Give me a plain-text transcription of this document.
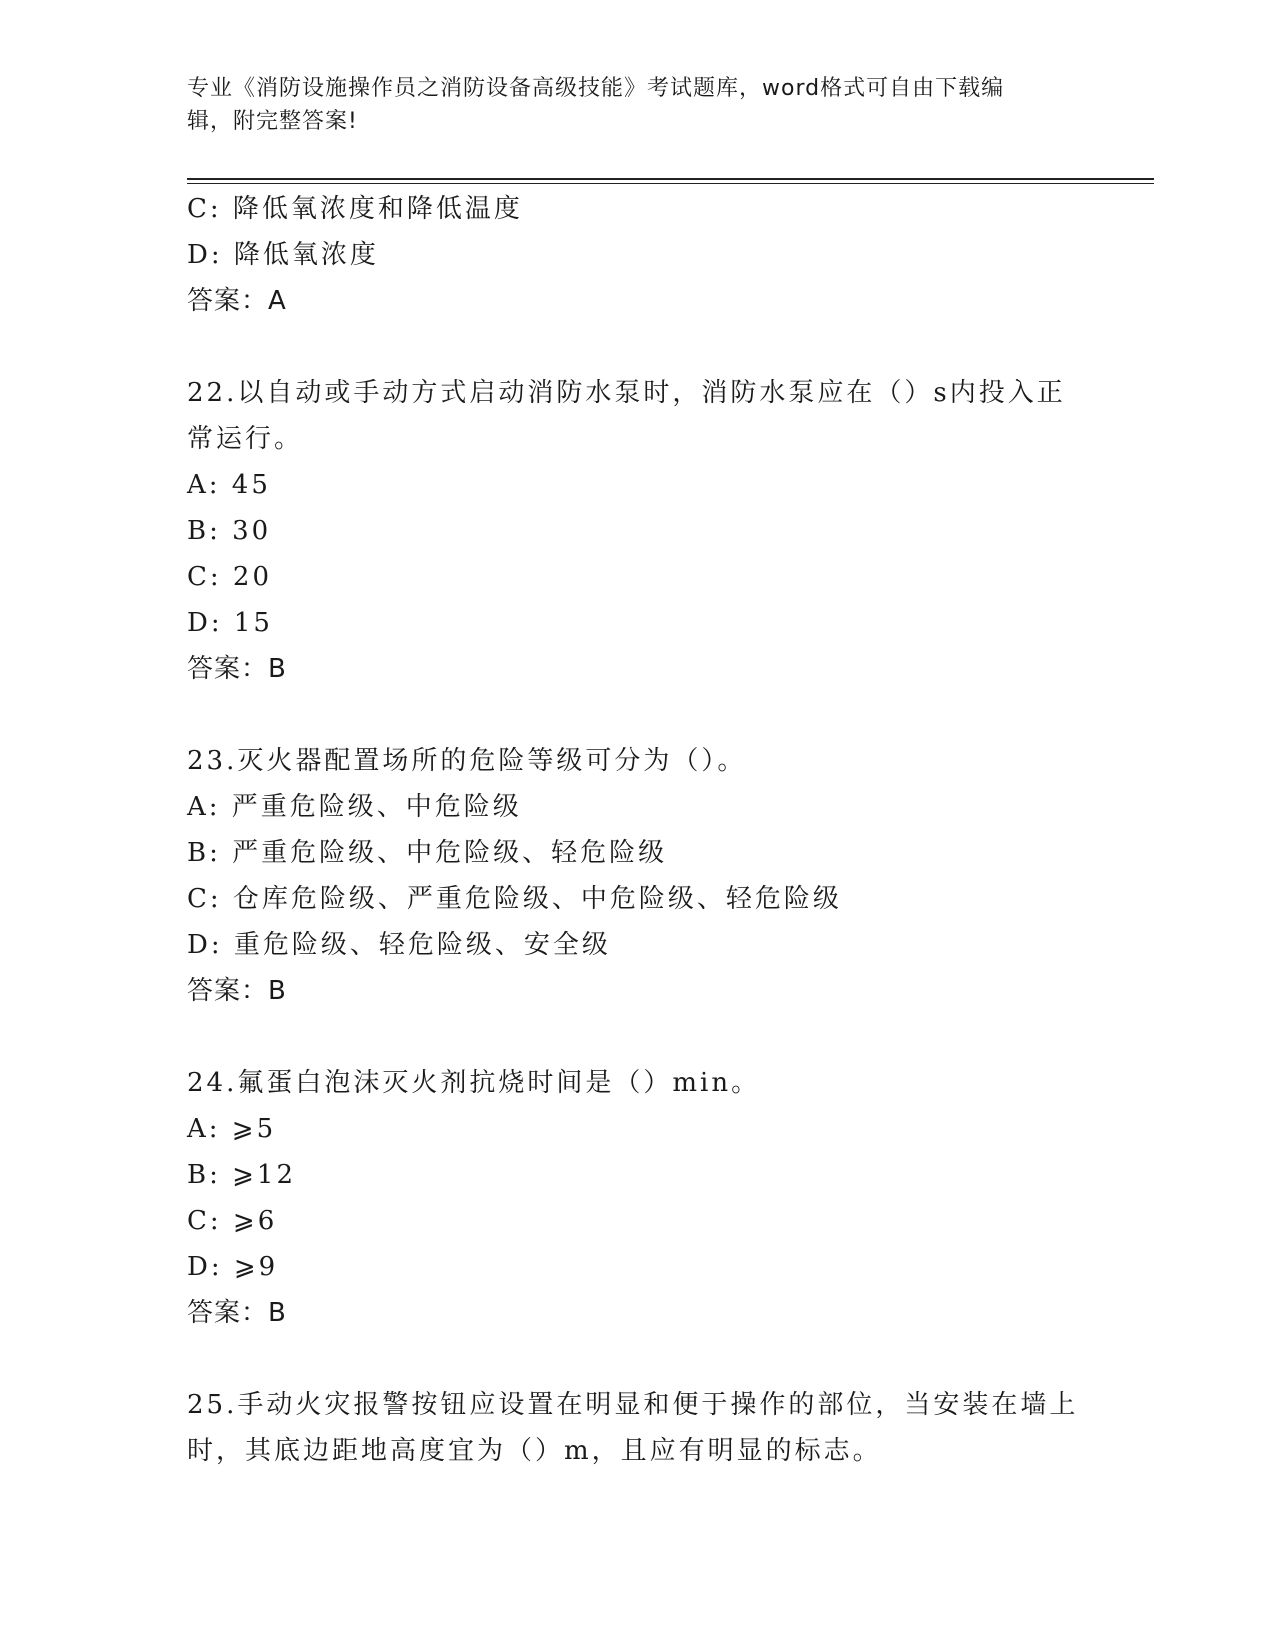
专业《消防设施操作员之消防设备高级技能》考试题库，word格式可自由下载编
辑，附完整答案!
C: 降低氧浓度和降低温度
D: 降低氧浓度
答案：A
22.以自动或手动方式启动消防水泵时，消防水泵应在（）s内投入正
常运行。
A: 45
B: 30
C: 20
D: 15
答案：B
23.灭火器配置场所的危险等级可分为（）。
A: 严重危险级、中危险级
B: 严重危险级、中危险级、轻危险级
C: 仓库危险级、严重危险级、中危险级、轻危险级
D: 重危险级、轻危险级、安全级
答案：B
24.氟蛋白泡沫灭火剂抗烧时间是（）min。
A: ⩾5
B: ⩾12
C: ⩾6
D: ⩾9
答案：B
25.手动火灾报警按钮应设置在明显和便于操作的部位，当安装在墙上
时，其底边距地高度宜为（）m，且应有明显的标志。
